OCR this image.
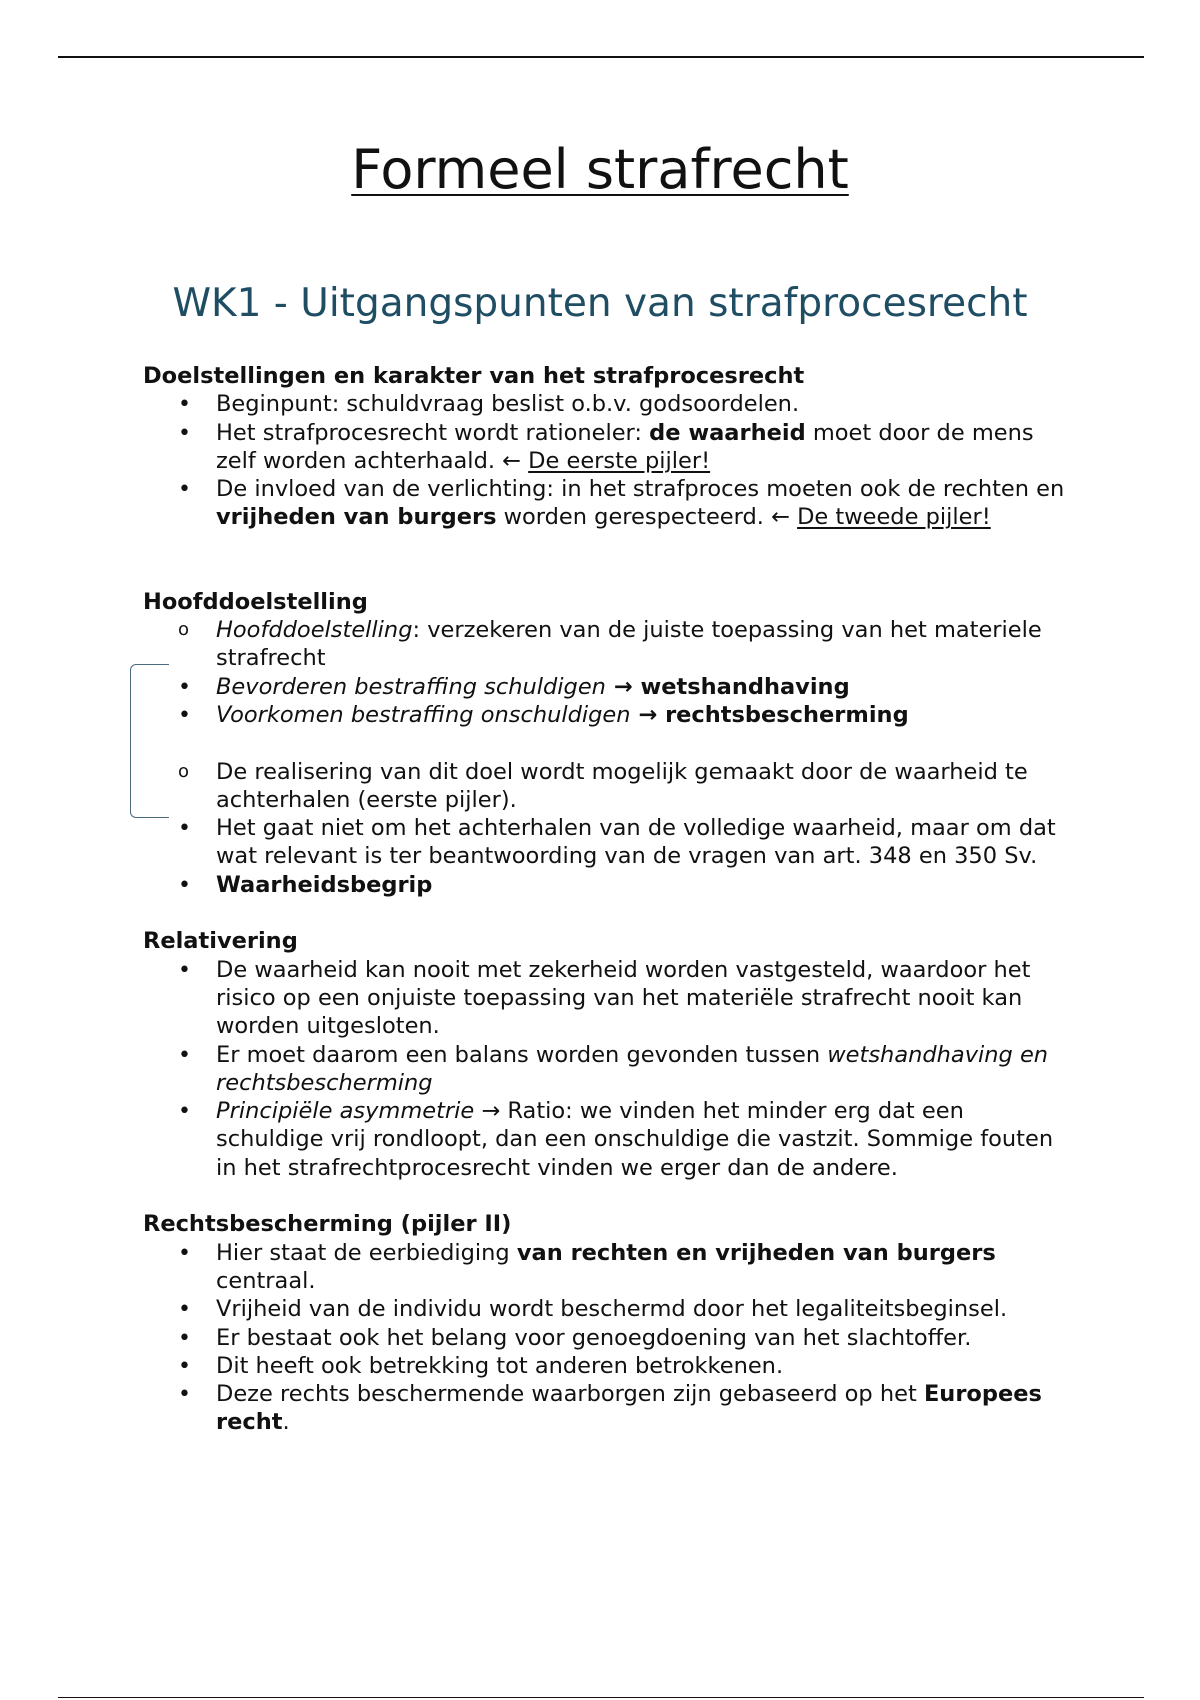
Formeel strafrecht
WK1 - Uitgangspunten van strafprocesrecht

Doelstellingen en karakter van het strafprocesrecht

•
Beginpunt: schuldvraag beslist o.b.v. godsoordelen.
•
Het strafprocesrecht wordt rationeler: de waarheid moet door de mens zelf worden achterhaald. ← De eerste pijler!
•
De invloed van de verlichting: in het strafproces moeten ook de rechten en vrijheden van burgers worden gerespecteerd. ← De tweede pijler!

Hoofddoelstelling

o	Hoofddoelstelling: verzekeren van de juiste toepassing van het materiele strafrecht
•
Bevorderen bestraffing schuldigen → wetshandhaving
•
Voorkomen bestraffing onschuldigen → rechtsbescherming
o	De realisering van dit doel wordt mogelijk gemaakt door de waarheid te achterhalen (eerste pijler).
•
Het gaat niet om het achterhalen van de volledige waarheid, maar om dat wat relevant is ter beantwoording van de vragen van art. 348 en 350 Sv.
•
Waarheidsbegrip

Relativering

•
De waarheid kan nooit met zekerheid worden vastgesteld, waardoor het risico op een onjuiste toepassing van het materiële strafrecht nooit kan worden uitgesloten.
•
Er moet daarom een balans worden gevonden tussen wetshandhaving en rechtsbescherming
•
Principiële asymmetrie → Ratio: we vinden het minder erg dat een schuldige vrij rondloopt, dan een onschuldige die vastzit. Sommige fouten in het strafrechtprocesrecht vinden we erger dan de andere.

Rechtsbescherming (pijler II)

•
Hier staat de eerbiediging van rechten en vrijheden van burgers centraal.
•
Vrijheid van de individu wordt beschermd door het legaliteitsbeginsel.
•
Er bestaat ook het belang voor genoegdoening van het slachtoffer.
•
Dit heeft ook betrekking tot anderen betrokkenen.
•
Deze rechts beschermende waarborgen zijn gebaseerd op het Europees recht.
